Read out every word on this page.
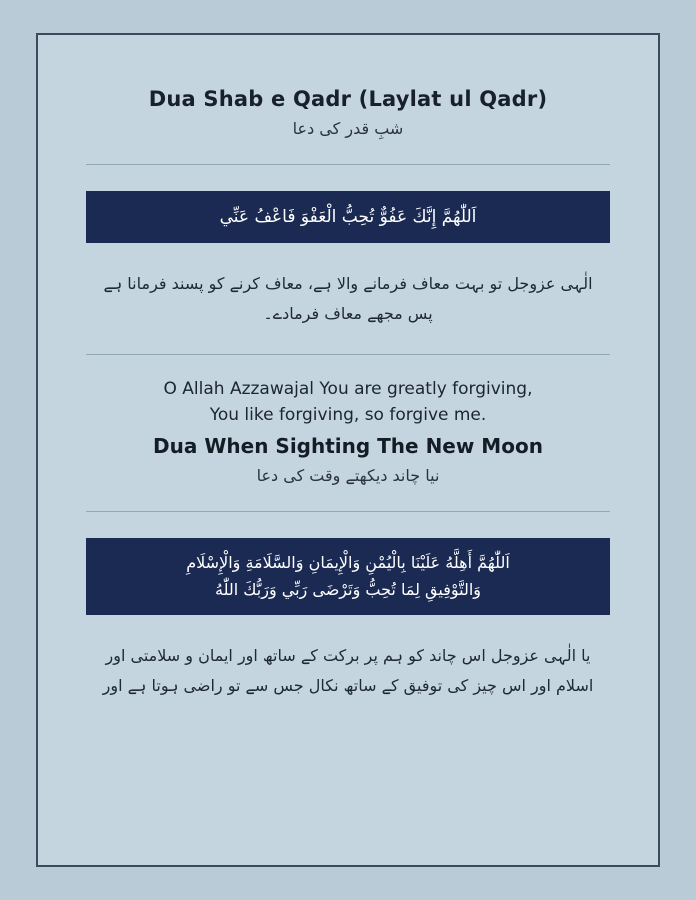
Dua Shab e Qadr (Laylat ul Qadr)
شبِ قدر کی دعا
اَللّٰهُمَّ إِنَّكَ عَفُوٌّ تُحِبُّ الْعَفْوَ فَاعْفُ عَنِّي
الٰہی عزوجل تو بہت معاف فرمانے والا ہے، معاف کرنے کو پسند فرمانا ہے پس مجھے معاف فرمادے۔
O Allah Azzawajal You are greatly forgiving,
You like forgiving, so forgive me.
Dua When Sighting The New Moon
نیا چاند دیکھتے وقت کی دعا
اَللّٰهُمَّ أَهِلَّهُ عَلَيْنَا بِالْيُمْنِ وَالْإِيمَانِ وَالسَّلَامَةِ وَالْإِسْلَامِ
وَالتَّوْفِيقِ لِمَا تُحِبُّ وَتَرْضَى رَبِّي وَرَبُّكَ اللّٰهُ
یا الٰہی عزوجل اس چاند کو ہم پر برکت کے ساتھ اور ایمان و سلامتی اور اسلام اور اس چیز کی توفیق کے ساتھ نکال جس سے تو راضی ہوتا ہے اور
